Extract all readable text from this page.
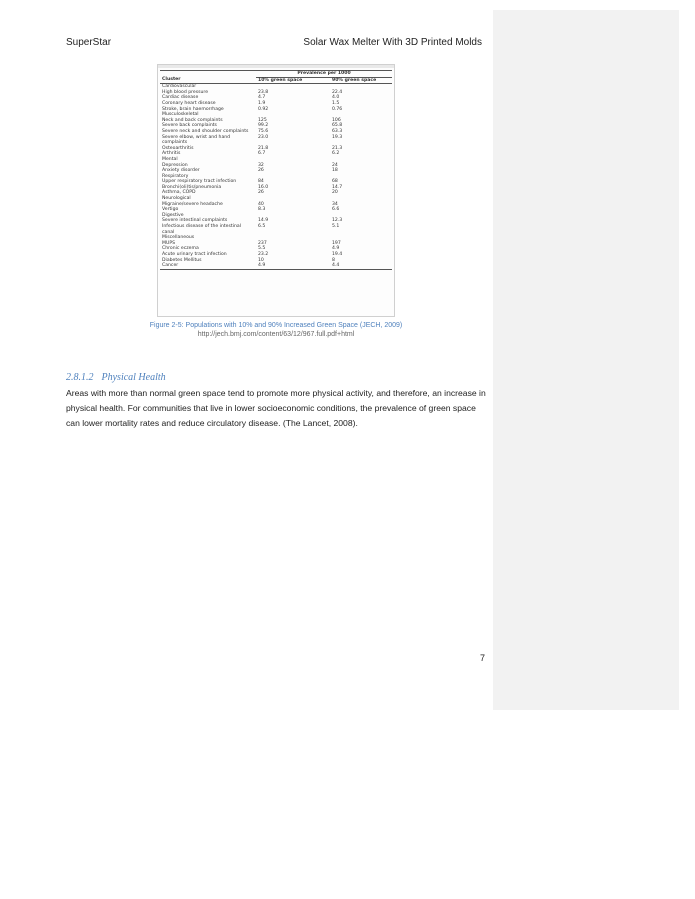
SuperStar	Solar Wax Melter With 3D Printed Molds
	Prevalence per 1000	
Cluster	10% green space	90% green space
Cardiovascular		
High blood pressure	23.8	22.4
Cardiac disease	4.7	4.0
Coronary heart disease	1.9	1.5
Stroke, brain haemorrhage	0.92	0.76
Musculoskeletal		
Neck and back complaints	125	106
Severe back complaints	99.2	65.8
Severe neck and shoulder complaints	75.6	63.3
Severe elbow, wrist and hand complaints	23.0	19.3
Osteoarthritis	21.8	21.3
Arthritis	6.7	6.2
Mental		
Depression	32	24
Anxiety disorder	26	18
Respiratory		
Upper respiratory tract infection	84	68
Bronchi(oli)tis/pneumonia	16.0	14.7
Asthma, COPD	26	20
Neurological		
Migraine/severe headache	40	34
Vertigo	8.3	6.6
Digestive		
Severe intestinal complaints	14.9	12.3
Infectious disease of the intestinal canal	6.5	5.1
Miscellaneous		
MUPS	237	197
Chronic eczema	5.5	4.9
Acute urinary tract infection	23.2	19.4
Diabetes Mellitus	10	8
Cancer	4.9	4.4
Figure 2-5: Populations with 10% and 90% Increased Green Space (JECH, 2009)
http://jech.bmj.com/content/63/12/967.full.pdf+html
2.8.1.2 Physical Health
Areas with more than normal green space tend to promote more physical activity, and therefore, an increase in physical health. For communities that live in lower socioeconomic conditions, the prevalence of green space can lower mortality rates and reduce circulatory disease. (The Lancet, 2008).
7
